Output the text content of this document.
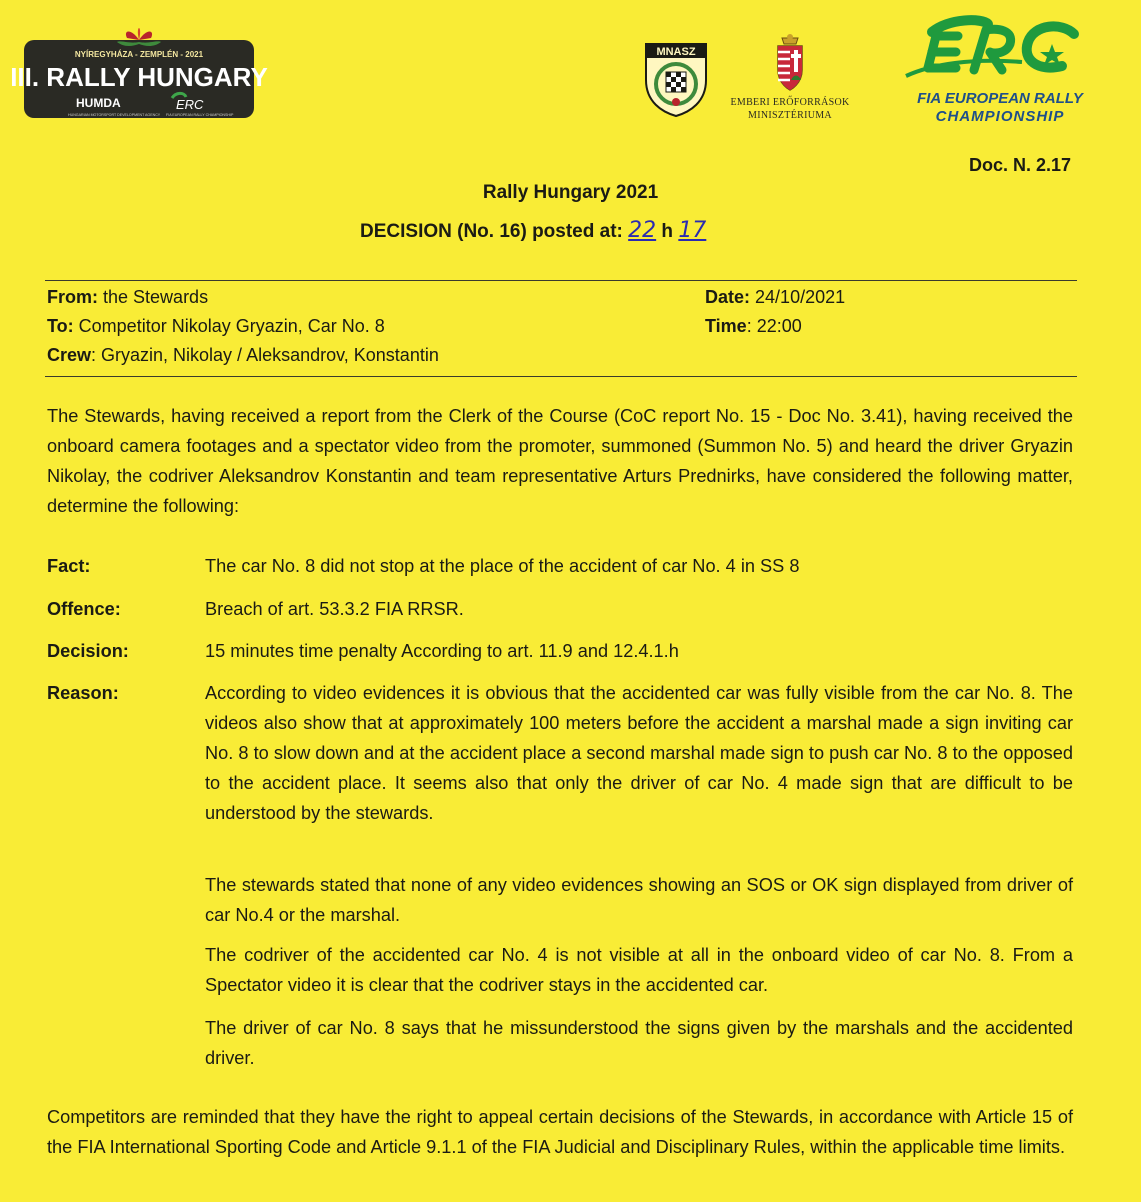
NYÍREGYHÁZA - ZEMPLÉN - 2021
III. RALLY HUNGARY
HUMDA
HUNGARIAN MOTORSPORT DEVELOPMENT AGENCY
ERC
FIA EUROPEAN RALLY CHAMPIONSHIP
MNASZ
EMBERI ERŐFORRÁSOK
MINISZTÉRIUMA
FIA EUROPEAN RALLY
CHAMPIONSHIP
Doc. N. 2.17
Rally Hungary 2021
DECISION (No. 16) posted at: 22 h 17
From: the Stewards
To: Competitor Nikolay Gryazin, Car No. 8
Crew: Gryazin, Nikolay / Aleksandrov, Konstantin
Date: 24/10/2021
Time: 22:00
The Stewards, having received a report from the Clerk of the Course (CoC report No. 15 - Doc No. 3.41), having received the onboard camera footages and a spectator video from the promoter, summoned (Summon No. 5) and heard the driver Gryazin Nikolay, the codriver Aleksandrov Konstantin and team representative Arturs Prednirks, have considered the following matter, determine the following:
Fact:	The car No. 8 did not stop at the place of the accident of car No. 4 in SS 8
Offence:	Breach of art. 53.3.2 FIA RRSR.
Decision:	15 minutes time penalty According to art. 11.9 and 12.4.1.h
Reason:	According to video evidences it is obvious that the accidented car was fully visible from the car No. 8. The videos also show that at approximately 100 meters before the accident a marshal made a sign inviting car No. 8 to slow down and at the accident place a second marshal made sign to push car No. 8 to the opposed to the accident place. It seems also that only the driver of car No. 4 made sign that are difficult to be understood by the stewards.
The stewards stated that none of any video evidences showing an SOS or OK sign displayed from driver of car No.4 or the marshal.
The codriver of the accidented car No. 4 is not visible at all in the onboard video of car No. 8. From a Spectator video it is clear that the codriver stays in the accidented car.
The driver of car No. 8 says that he missunderstood the signs given by the marshals and the accidented driver.
Competitors are reminded that they have the right to appeal certain decisions of the Stewards, in accordance with Article 15 of the FIA International Sporting Code and Article 9.1.1 of the FIA Judicial and Disciplinary Rules, within the applicable time limits.
